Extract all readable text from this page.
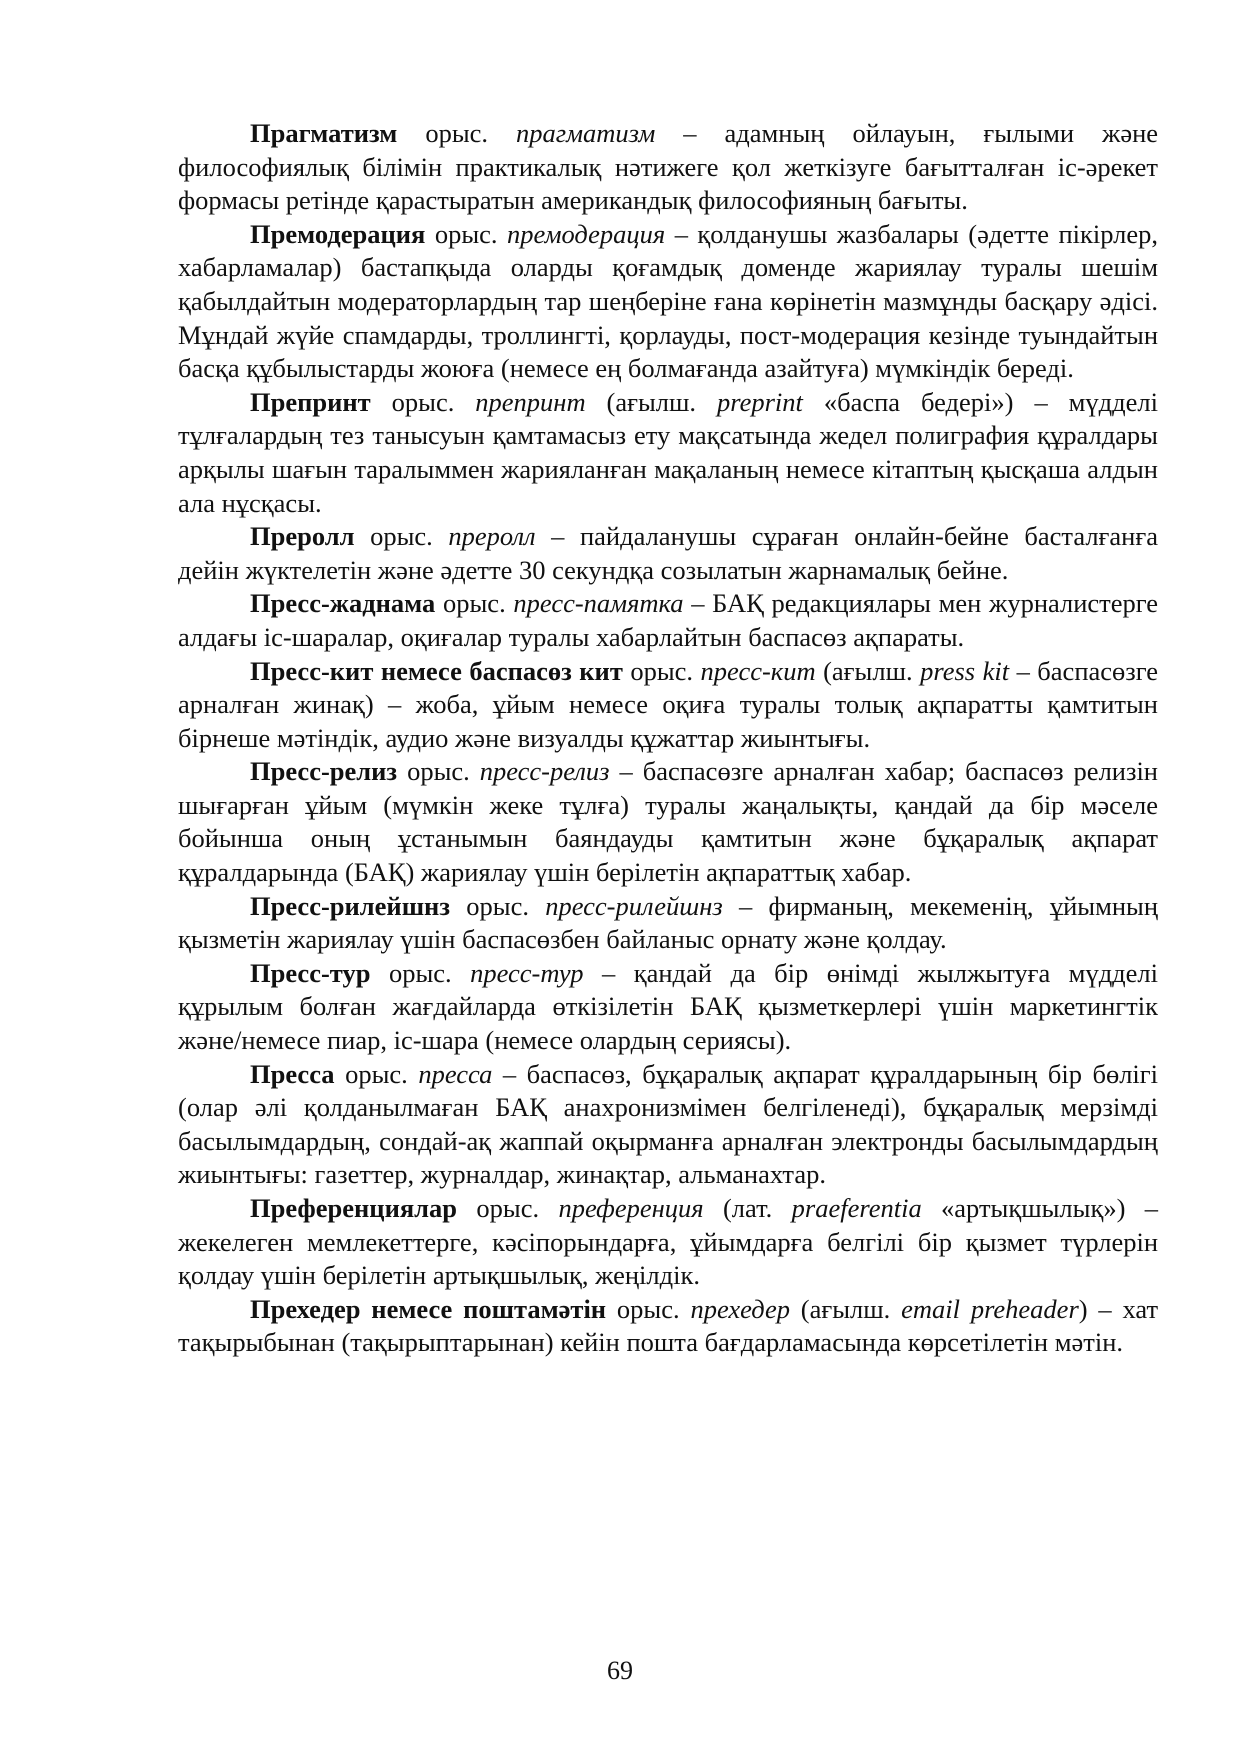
Прагматизм орыс. прагматизм – адамның ойлауын, ғылыми және философиялық білімін практикалық нәтижеге қол жеткізуге бағытталған іс-әрекет формасы ретінде қарастыратын американдық философияның бағыты.

Премодерация орыс. премодерация – қолданушы жазбалары (әдетте пікірлер, хабарламалар) бастапқыда оларды қоғамдық доменде жариялау туралы шешім қабылдайтын модераторлардың тар шеңберіне ғана көрінетін мазмұнды басқару әдісі. Мұндай жүйе спамдарды, троллингті, қорлауды, пост-модерация кезінде туындайтын басқа құбылыстарды жоюға (немесе ең болмағанда азайтуға) мүмкіндік береді.

Препринт орыс. препринт (ағылш. preprint «баспа бедері») – мүдделі тұлғалардың тез танысуын қамтамасыз ету мақсатында жедел полиграфия құралдары арқылы шағын таралыммен жарияланған мақаланың немесе кітаптың қысқаша алдын ала нұсқасы.

Преролл орыс. преролл – пайдаланушы сұраған онлайн-бейне басталғанға дейін жүктелетін және әдетте 30 секундқа созылатын жарнамалық бейне.

Пресс-жаднама орыс. пресс-памятка – БАҚ редакциялары мен журналистерге алдағы іс-шаралар, оқиғалар туралы хабарлайтын баспасөз ақпараты.

Пресс-кит немесе баспасөз кит орыс. пресс-кит (ағылш. press kit – баспасөзге арналған жинақ) – жоба, ұйым немесе оқиға туралы толық ақпаратты қамтитын бірнеше мәтіндік, аудио және визуалды құжаттар жиынтығы.

Пресс-релиз орыс. пресс-релиз – баспасөзге арналған хабар; баспасөз релизін шығарған ұйым (мүмкін жеке тұлға) туралы жаңалықты, қандай да бір мәселе бойынша оның ұстанымын баяндауды қамтитын және бұқаралық ақпарат құралдарында (БАҚ) жариялау үшін берілетін ақпараттық хабар.

Пресс-рилейшнз орыс. пресс-рилейшнз – фирманың, мекеменің, ұйымның қызметін жариялау үшін баспасөзбен байланыс орнату және қолдау.

Пресс-тур орыс. пресс-тур – қандай да бір өнімді жылжытуға мүдделі құрылым болған жағдайларда өткізілетін БАҚ қызметкерлері үшін маркетингтік және/немесе пиар, іс-шара (немесе олардың сериясы).

Пресса орыс. пресса – баспасөз, бұқаралық ақпарат құралдарының бір бөлігі (олар әлі қолданылмаған БАҚ анахронизмімен белгіленеді), бұқаралық мерзімді басылымдардың, сондай-ақ жаппай оқырманға арналған электронды басылымдардың жиынтығы: газеттер, журналдар, жинақтар, альманахтар.

Преференциялар орыс. преференция (лат. praeferentia «артықшылық») – жекелеген мемлекеттерге, кәсіпорындарға, ұйымдарға белгілі бір қызмет түрлерін қолдау үшін берілетін артықшылық, жеңілдік.

Прехедер немесе поштамәтін орыс. прехедер (ағылш. email preheader) – хат тақырыбынан (тақырыптарынан) кейін пошта бағдарламасында көрсетілетін мәтін.

69
